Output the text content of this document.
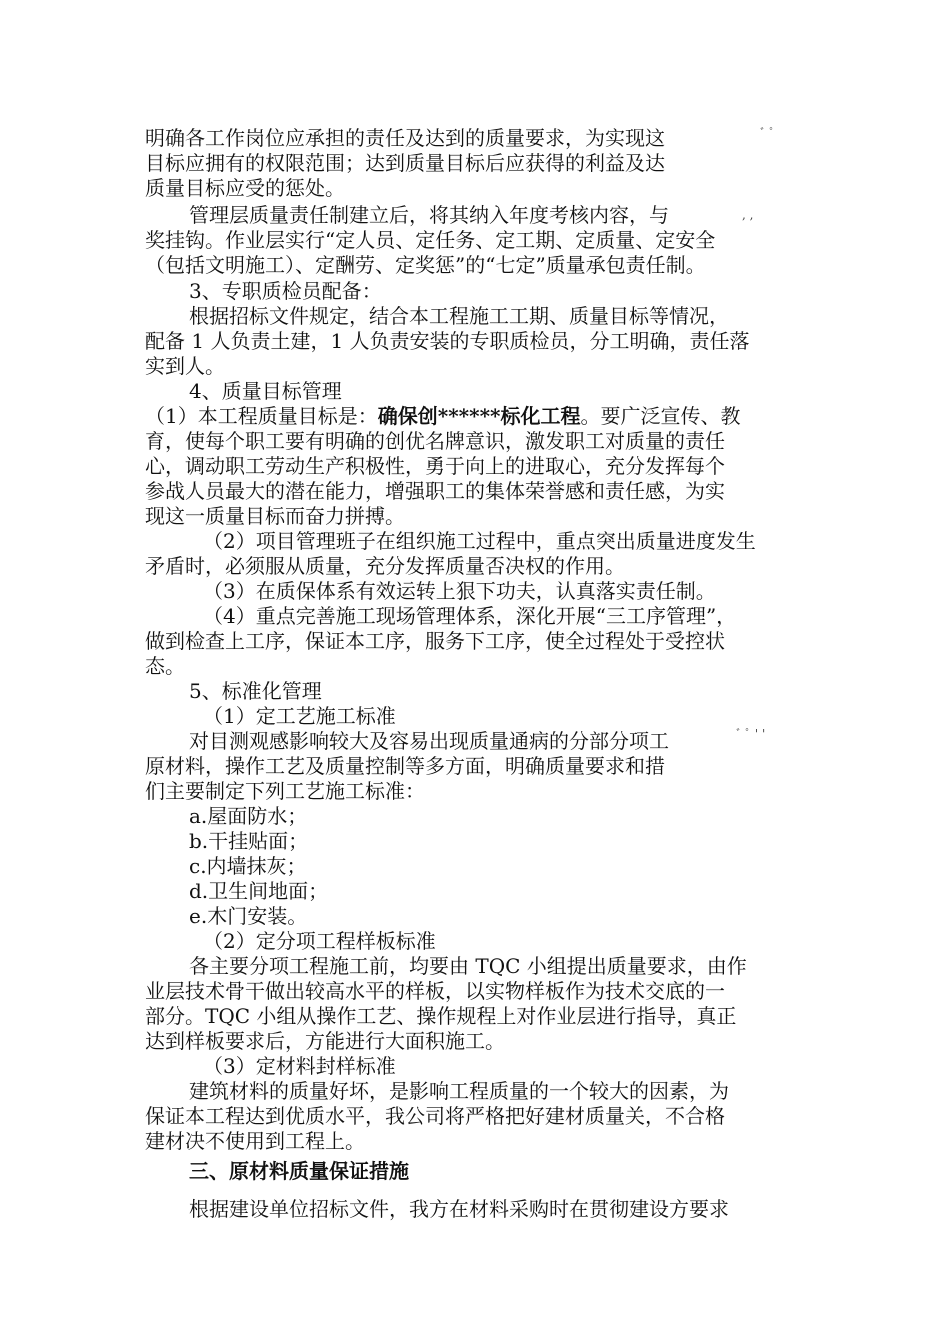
明确各工作岗位应承担的责任及达到的质量要求，为实现这	ﾞ ﾟ
目标应拥有的权限范围；达到质量目标后应获得的利益及达
质量目标应受的惩处。
管理层质量责任制建立后，将其纳入年度考核内容，与	, ,
奖挂钩。作业层实行“定人员、定任务、定工期、定质量、定安全
（包括文明施工）、定酬劳、定奖惩”的“七定”质量承包责任制。
3、专职质检员配备：
根据招标文件规定，结合本工程施工工期、质量目标等情况，
配备 1 人负责土建，1 人负责安装的专职质检员，分工明确，责任落
实到人。
4、质量目标管理
（1）本工程质量目标是：确保创******标化工程。要广泛宣传、教
育，使每个职工要有明确的创优名牌意识，激发职工对质量的责任
心，调动职工劳动生产积极性，勇于向上的进取心，充分发挥每个
参战人员最大的潜在能力，增强职工的集体荣誉感和责任感，为实
现这一质量目标而奋力拼搏。
（2）项目管理班子在组织施工过程中，重点突出质量进度发生
矛盾时，必须服从质量，充分发挥质量否决权的作用。
（3）在质保体系有效运转上狠下功夫，认真落实责任制。
（4）重点完善施工现场管理体系，深化开展“三工序管理”，
做到检查上工序，保证本工序，服务下工序，使全过程处于受控状
态。
5、标准化管理
（1）定工艺施工标准
对目测观感影响较大及容易出现质量通病的分部分项工	ﾞ ﾟ ' '
原材料，操作工艺及质量控制等多方面，明确质量要求和措
们主要制定下列工艺施工标准：
a.屋面防水；
b.干挂贴面；
c.内墙抹灰；
d.卫生间地面；
e.木门安装。
（2）定分项工程样板标准
各主要分项工程施工前，均要由 TQC 小组提出质量要求，由作
业层技术骨干做出较高水平的样板，以实物样板作为技术交底的一
部分。TQC 小组从操作工艺、操作规程上对作业层进行指导，真正
达到样板要求后，方能进行大面积施工。
（3）定材料封样标准
建筑材料的质量好坏，是影响工程质量的一个较大的因素，为
保证本工程达到优质水平，我公司将严格把好建材质量关，不合格
建材决不使用到工程上。
三、原材料质量保证措施
根据建设单位招标文件，我方在材料采购时在贯彻建设方要求
